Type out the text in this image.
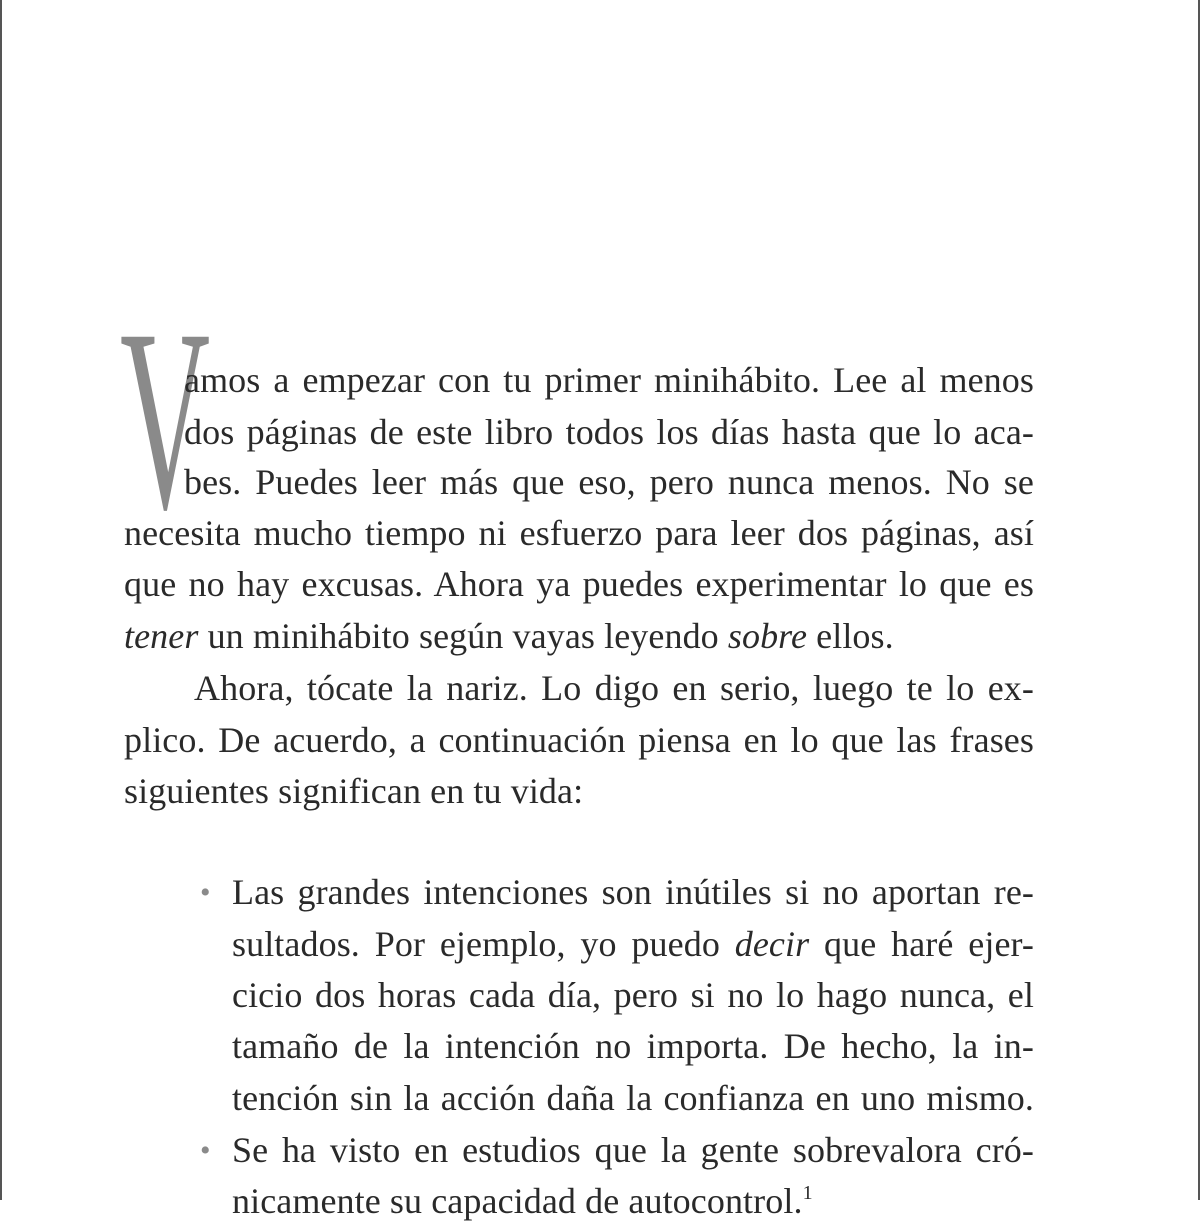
V
amos a empezar con tu primer minihábito. Lee al menos
dos páginas de este libro todos los días hasta que lo aca-
bes. Puedes leer más que eso, pero nunca menos. No se
necesita mucho tiempo ni esfuerzo para leer dos páginas, así
que no hay excusas. Ahora ya puedes experimentar lo que es
tener un minihábito según vayas leyendo sobre ellos.
Ahora, tócate la nariz. Lo digo en serio, luego te lo ex-
plico. De acuerdo, a continuación piensa en lo que las frases
siguientes significan en tu vida:
• Las grandes intenciones son inútiles si no aportan re-
sultados. Por ejemplo, yo puedo decir que haré ejer-
cicio dos horas cada día, pero si no lo hago nunca, el
tamaño de la intención no importa. De hecho, la in-
tención sin la acción daña la confianza en uno mismo.
• Se ha visto en estudios que la gente sobrevalora cró-
nicamente su capacidad de autocontrol.$^1$
